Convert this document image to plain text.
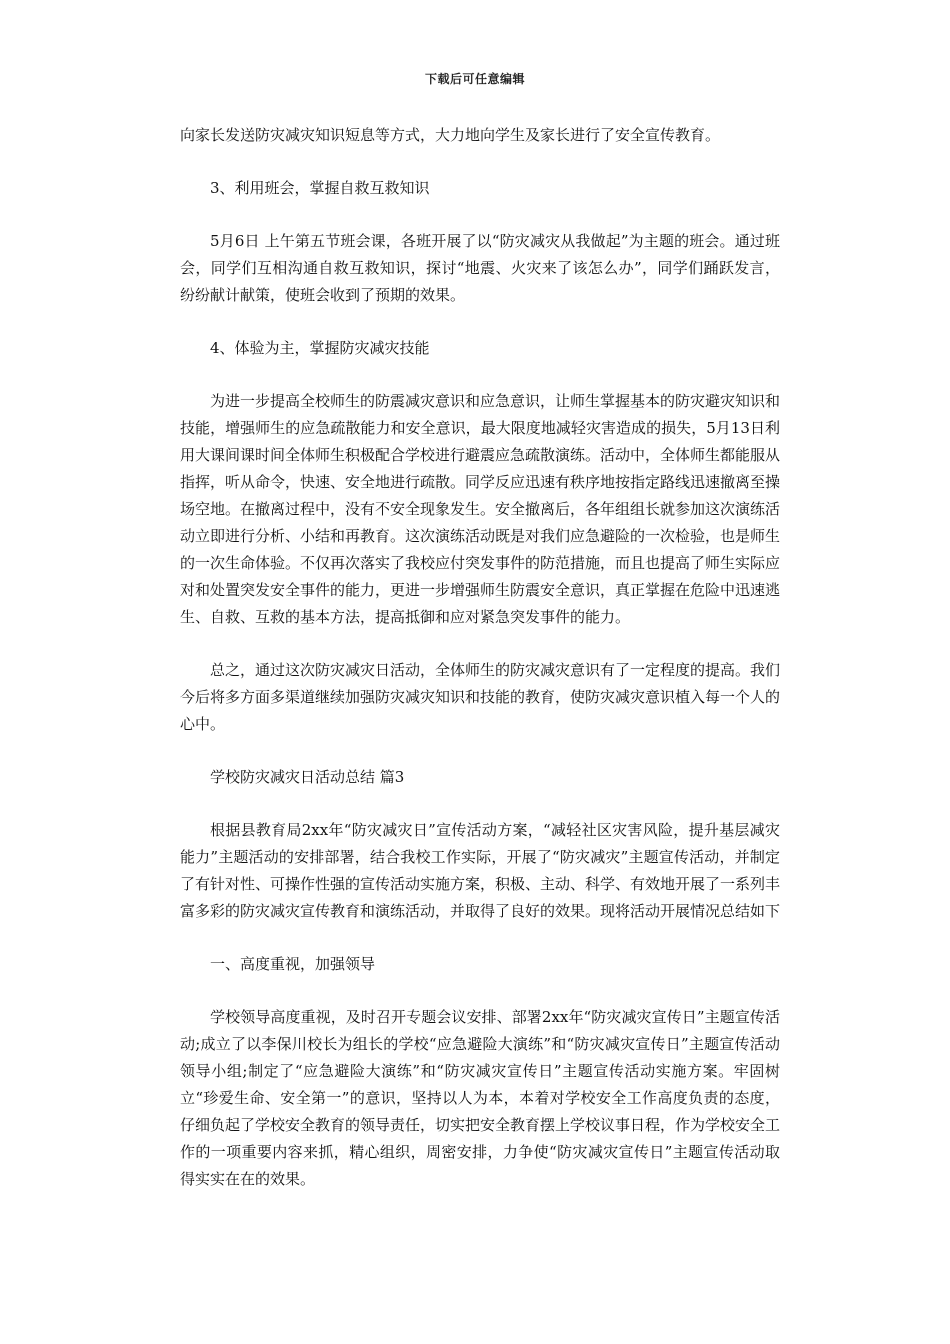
下载后可任意编辑

向家长发送防灾减灾知识短息等方式，大力地向学生及家长进行了安全宣传教育。

3、利用班会，掌握自救互救知识

5月6日 上午第五节班会课，各班开展了以“防灾减灾从我做起”为主题的班会。通过班会，同学们互相沟通自救互救知识，探讨“地震、火灾来了该怎么办”，同学们踊跃发言，纷纷献计献策，使班会收到了预期的效果。

4、体验为主，掌握防灾减灾技能

为进一步提高全校师生的防震减灾意识和应急意识，让师生掌握基本的防灾避灾知识和技能，增强师生的应急疏散能力和安全意识，最大限度地减轻灾害造成的损失，5月13日利用大课间课时间全体师生积极配合学校进行避震应急疏散演练。活动中，全体师生都能服从指挥，听从命令，快速、安全地进行疏散。同学反应迅速有秩序地按指定路线迅速撤离至操场空地。在撤离过程中，没有不安全现象发生。安全撤离后，各年组组长就参加这次演练活动立即进行分析、小结和再教育。这次演练活动既是对我们应急避险的一次检验，也是师生的一次生命体验。不仅再次落实了我校应付突发事件的防范措施，而且也提高了师生实际应对和处置突发安全事件的能力，更进一步增强师生防震安全意识，真正掌握在危险中迅速逃生、自救、互救的基本方法，提高抵御和应对紧急突发事件的能力。

总之，通过这次防灾减灾日活动，全体师生的防灾减灾意识有了一定程度的提高。我们今后将多方面多渠道继续加强防灾减灾知识和技能的教育，使防灾减灾意识植入每一个人的心中。

学校防灾减灾日活动总结 篇3

根据县教育局2xx年“防灾减灾日”宣传活动方案，“减轻社区灾害风险，提升基层减灾能力”主题活动的安排部署，结合我校工作实际，开展了“防灾减灾”主题宣传活动，并制定了有针对性、可操作性强的宣传活动实施方案，积极、主动、科学、有效地开展了一系列丰富多彩的防灾减灾宣传教育和演练活动，并取得了良好的效果。现将活动开展情况总结如下

一、高度重视，加强领导

学校领导高度重视，及时召开专题会议安排、部署2xx年“防灾减灾宣传日”主题宣传活动;成立了以李保川校长为组长的学校“应急避险大演练”和“防灾减灾宣传日”主题宣传活动领导小组;制定了“应急避险大演练”和“防灾减灾宣传日”主题宣传活动实施方案。牢固树立“珍爱生命、安全第一”的意识，坚持以人为本，本着对学校安全工作高度负责的态度，仔细负起了学校安全教育的领导责任，切实把安全教育摆上学校议事日程，作为学校安全工作的一项重要内容来抓，精心组织，周密安排，力争使“防灾减灾宣传日”主题宣传活动取得实实在在的效果。
